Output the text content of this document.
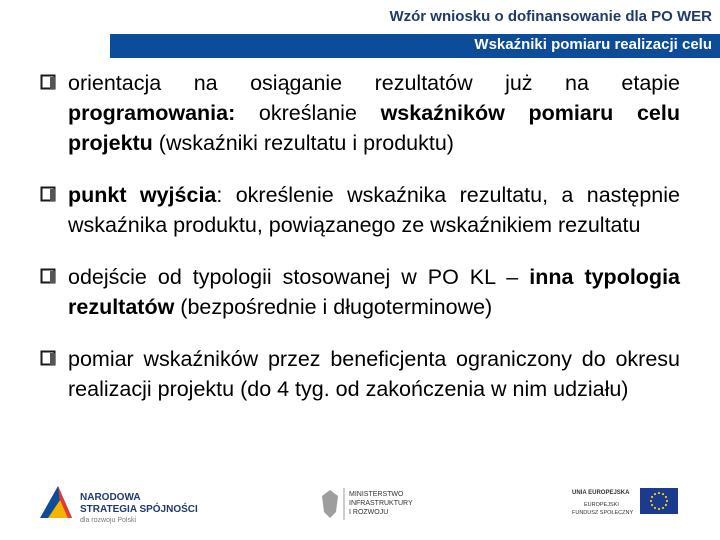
Wzór wniosku o dofinansowanie dla PO WER
Wskaźniki pomiaru realizacji celu
orientacja na osiąganie rezultatów już na etapie programowania: określanie wskaźników pomiaru celu projektu (wskaźniki rezultatu i produktu)
punkt wyjścia: określenie wskaźnika rezultatu, a następnie wskaźnika produktu, powiązanego ze wskaźnikiem rezultatu
odejście od typologii stosowanej w PO KL – inna typologia rezultatów (bezpośrednie i długoterminowe)
pomiar wskaźników przez beneficjenta ograniczony do okresu realizacji projektu (do 4 tyg. od zakończenia w nim udziału)
NARODOWA
STRATEGIA SPÓJNOŚCI
dla rozwoju Polski
MINISTERSTWO
INFRASTRUKTURY
I ROZWOJU
UNIA EUROPEJSKA
EUROPEJSKI
FUNDUSZ SPOŁECZNY
